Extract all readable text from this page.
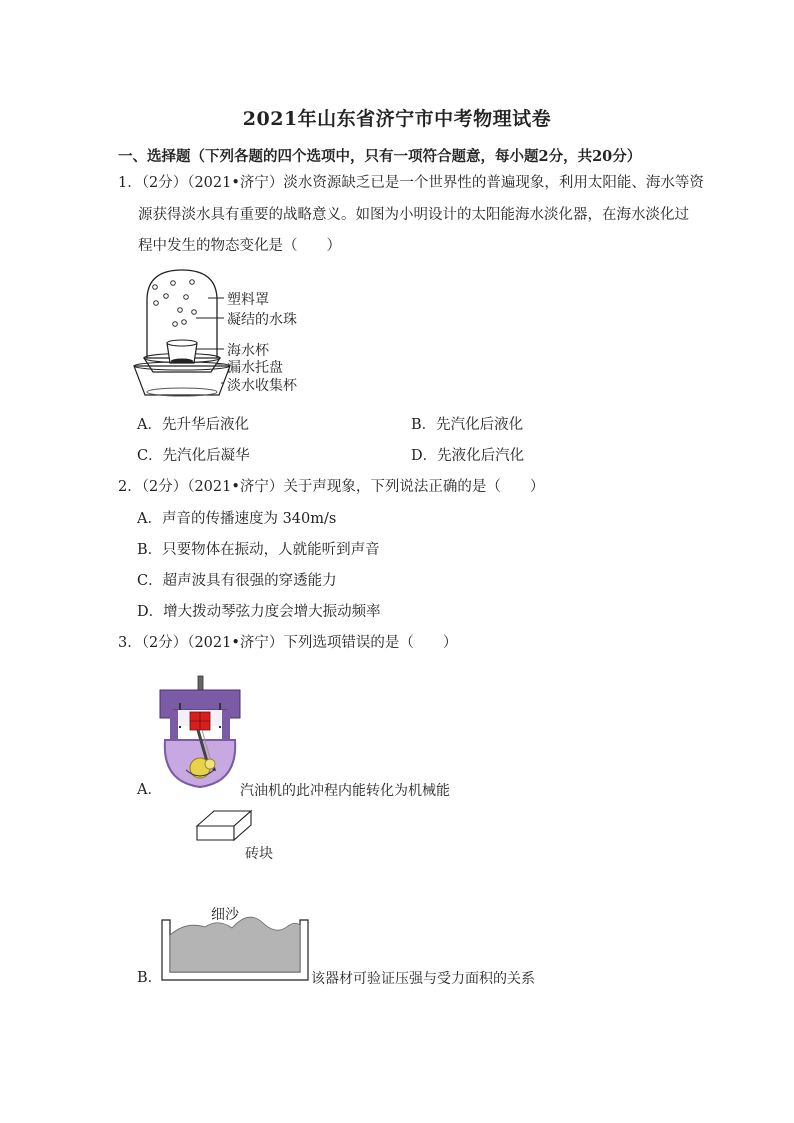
2021年山东省济宁市中考物理试卷
一、选择题（下列各题的四个选项中，只有一项符合题意，每小题2分，共20分）
1．（2分）（2021•济宁）淡水资源缺乏已是一个世界性的普遍现象，利用太阳能、海水等资
源获得淡水具有重要的战略意义。如图为小明设计的太阳能海水淡化器，在海水淡化过
程中发生的物态变化是（　　）
塑料罩
凝结的水珠
海水杯
漏水托盘
淡水收集杯
A．先升华后液化	B．先汽化后液化
C．先汽化后凝华	D．先液化后汽化
2．（2分）（2021•济宁）关于声现象，下列说法正确的是（　　）
A．声音的传播速度为 340m/s
B．只要物体在振动，人就能听到声音
C．超声波具有很强的穿透能力
D．增大拨动琴弦力度会增大振动频率
3．（2分）（2021•济宁）下列选项错误的是（　　）
A．	汽油机的此冲程内能转化为机械能
砖块
细沙
B．	该器材可验证压强与受力面积的关系
